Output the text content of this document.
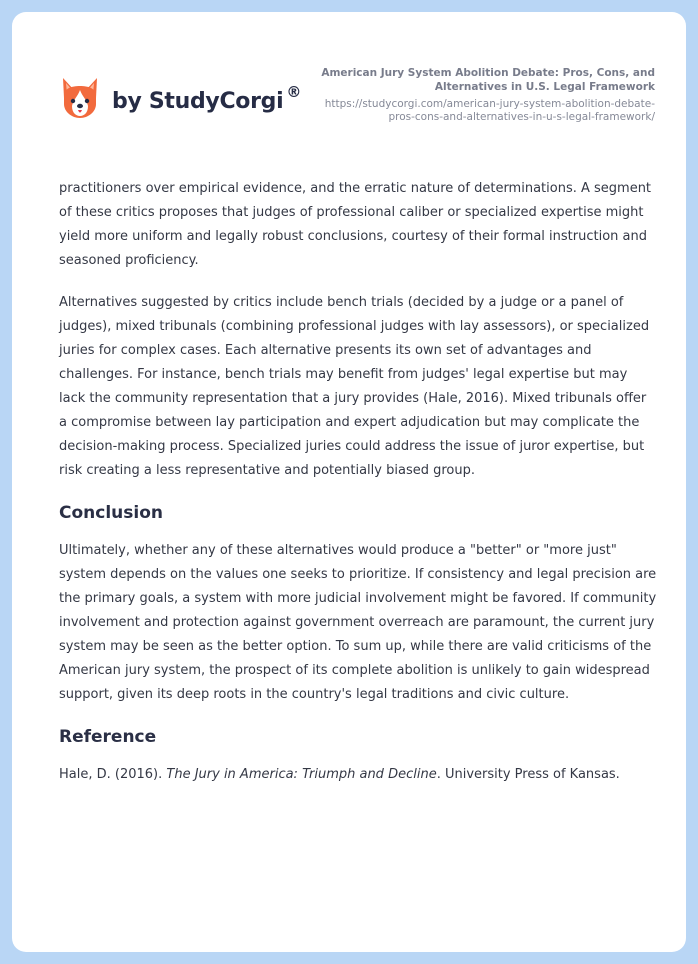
by StudyCorgi ®
American Jury System Abolition Debate: Pros, Cons, and Alternatives in U.S. Legal Framework
https://studycorgi.com/american-jury-system-abolition-debate-pros-cons-and-alternatives-in-u-s-legal-framework/

practitioners over empirical evidence, and the erratic nature of determinations. A segment of these critics proposes that judges of professional caliber or specialized expertise might yield more uniform and legally robust conclusions, courtesy of their formal instruction and seasoned proficiency.

Alternatives suggested by critics include bench trials (decided by a judge or a panel of judges), mixed tribunals (combining professional judges with lay assessors), or specialized juries for complex cases. Each alternative presents its own set of advantages and challenges. For instance, bench trials may benefit from judges' legal expertise but may lack the community representation that a jury provides (Hale, 2016). Mixed tribunals offer a compromise between lay participation and expert adjudication but may complicate the decision-making process. Specialized juries could address the issue of juror expertise, but risk creating a less representative and potentially biased group.

Conclusion

Ultimately, whether any of these alternatives would produce a "better" or "more just" system depends on the values one seeks to prioritize. If consistency and legal precision are the primary goals, a system with more judicial involvement might be favored. If community involvement and protection against government overreach are paramount, the current jury system may be seen as the better option. To sum up, while there are valid criticisms of the American jury system, the prospect of its complete abolition is unlikely to gain widespread support, given its deep roots in the country's legal traditions and civic culture.

Reference

Hale, D. (2016). The Jury in America: Triumph and Decline. University Press of Kansas.
